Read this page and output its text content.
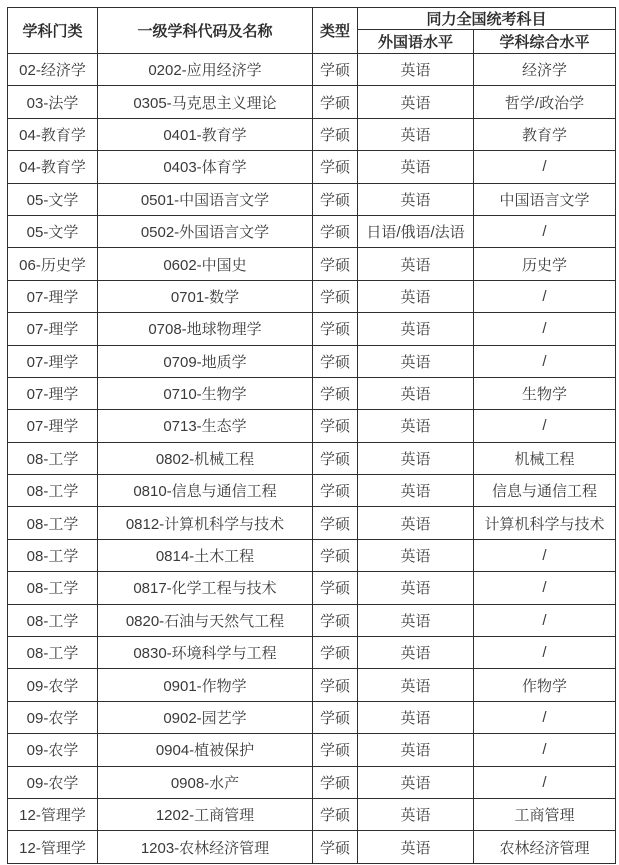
学科门类	一级学科代码及名称	类型	同力全国统考科目	
			外国语水平	学科综合水平
02-经济学	0202-应用经济学	学硕	英语	经济学
03-法学	0305-马克思主义理论	学硕	英语	哲学/政治学
04-教育学	0401-教育学	学硕	英语	教育学
04-教育学	0403-体育学	学硕	英语	/
05-文学	0501-中国语言文学	学硕	英语	中国语言文学
05-文学	0502-外国语言文学	学硕	日语/俄语/法语	/
06-历史学	0602-中国史	学硕	英语	历史学
07-理学	0701-数学	学硕	英语	/
07-理学	0708-地球物理学	学硕	英语	/
07-理学	0709-地质学	学硕	英语	/
07-理学	0710-生物学	学硕	英语	生物学
07-理学	0713-生态学	学硕	英语	/
08-工学	0802-机械工程	学硕	英语	机械工程
08-工学	0810-信息与通信工程	学硕	英语	信息与通信工程
08-工学	0812-计算机科学与技术	学硕	英语	计算机科学与技术
08-工学	0814-土木工程	学硕	英语	/
08-工学	0817-化学工程与技术	学硕	英语	/
08-工学	0820-石油与天然气工程	学硕	英语	/
08-工学	0830-环境科学与工程	学硕	英语	/
09-农学	0901-作物学	学硕	英语	作物学
09-农学	0902-园艺学	学硕	英语	/
09-农学	0904-植被保护	学硕	英语	/
09-农学	0908-水产	学硕	英语	/
12-管理学	1202-工商管理	学硕	英语	工商管理
12-管理学	1203-农林经济管理	学硕	英语	农林经济管理
